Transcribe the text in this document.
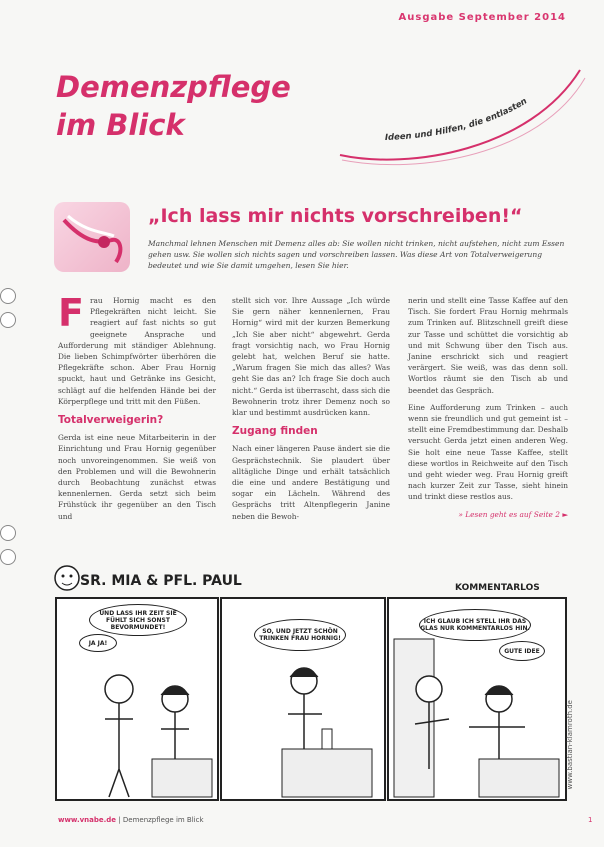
Ausgabe September 2014
Demenzpflege
im Blick	Ideen und Hilfen, die entlasten
„Ich lass mir nichts vorschreiben!“
Manchmal lehnen Menschen mit Demenz alles ab: Sie wollen nicht trinken, nicht aufstehen, nicht zum Essen gehen usw. Sie wollen sich nichts sagen und vorschreiben lassen. Was diese Art von Totalverweigerung bedeutet und wie Sie damit umgehen, lesen Sie hier.

Frau Hornig macht es den Pflegekräften nicht leicht. Sie reagiert auf fast nichts so gut geeignete Ansprache und Aufforderung mit ständiger Ablehnung. Die lieben Schimpfwörter überhören die Pflegekräfte schon. Aber Frau Hornig spuckt, haut und Getränke ins Gesicht, schlägt auf die helfenden Hände bei der Körperpflege und tritt mit den Füßen.

Totalverweigerin?

Gerda ist eine neue Mitarbeiterin in der Einrichtung und Frau Hornig gegenüber noch unvoreingenommen. Sie weiß von den Problemen und will die Bewohnerin durch Beobachtung zunächst etwas kennenlernen. Gerda setzt sich beim Frühstück ihr gegenüber an den Tisch und

stellt sich vor. Ihre Aussage „Ich würde Sie gern näher kennenlernen, Frau Hornig“ wird mit der kurzen Bemerkung „Ich Sie aber nicht“ abgewehrt. Gerda fragt vorsichtig nach, wo Frau Hornig gelebt hat, welchen Beruf sie hatte. „Warum fragen Sie mich das alles? Was geht Sie das an? Ich frage Sie doch auch nicht.“ Gerda ist überrascht, dass sich die Bewohnerin trotz ihrer Demenz noch so klar und bestimmt ausdrücken kann.

Zugang finden

Nach einer längeren Pause ändert sie die Gesprächstechnik. Sie plaudert über alltägliche Dinge und erhält tatsächlich die eine und andere Bestätigung und sogar ein Lächeln. Während des Gesprächs tritt Altenpflegerin Janine neben die Bewoh-

nerin und stellt eine Tasse Kaffee auf den Tisch. Sie fordert Frau Hornig mehrmals zum Trinken auf. Blitzschnell greift diese zur Tasse und schüttet die vorsichtig ab und mit Schwung über den Tisch aus. Janine erschrickt sich und reagiert verärgert. Sie weiß, was das denn soll. Wortlos räumt sie den Tisch ab und beendet das Gespräch.

Eine Aufforderung zum Trinken – auch wenn sie freundlich und gut gemeint ist – stellt eine Fremdbestimmung dar. Deshalb versucht Gerda jetzt einen anderen Weg. Sie holt eine neue Tasse Kaffee, stellt diese wortlos in Reichweite auf den Tisch und geht wieder weg. Frau Hornig greift nach kurzer Zeit zur Tasse, sieht hinein und trinkt diese restlos aus.

» Lesen geht es auf Seite 2 ►

SR. MIA & PFL. PAUL	KOMMENTARLOS
UND LASS IHR ZEIT SIE FÜHLT SICH SONST BEVORMUNDET!
JA JA!
SO, UND JETZT SCHÖN TRINKEN FRAU HORNIG!
ICH GLAUB ICH STELL IHR DAS GLAS NUR KOMMENTARLOS HIN.
GUTE IDEE
www.bastian-klamroth.de
www.vnabe.de | Demenzpflege im Blick	1
